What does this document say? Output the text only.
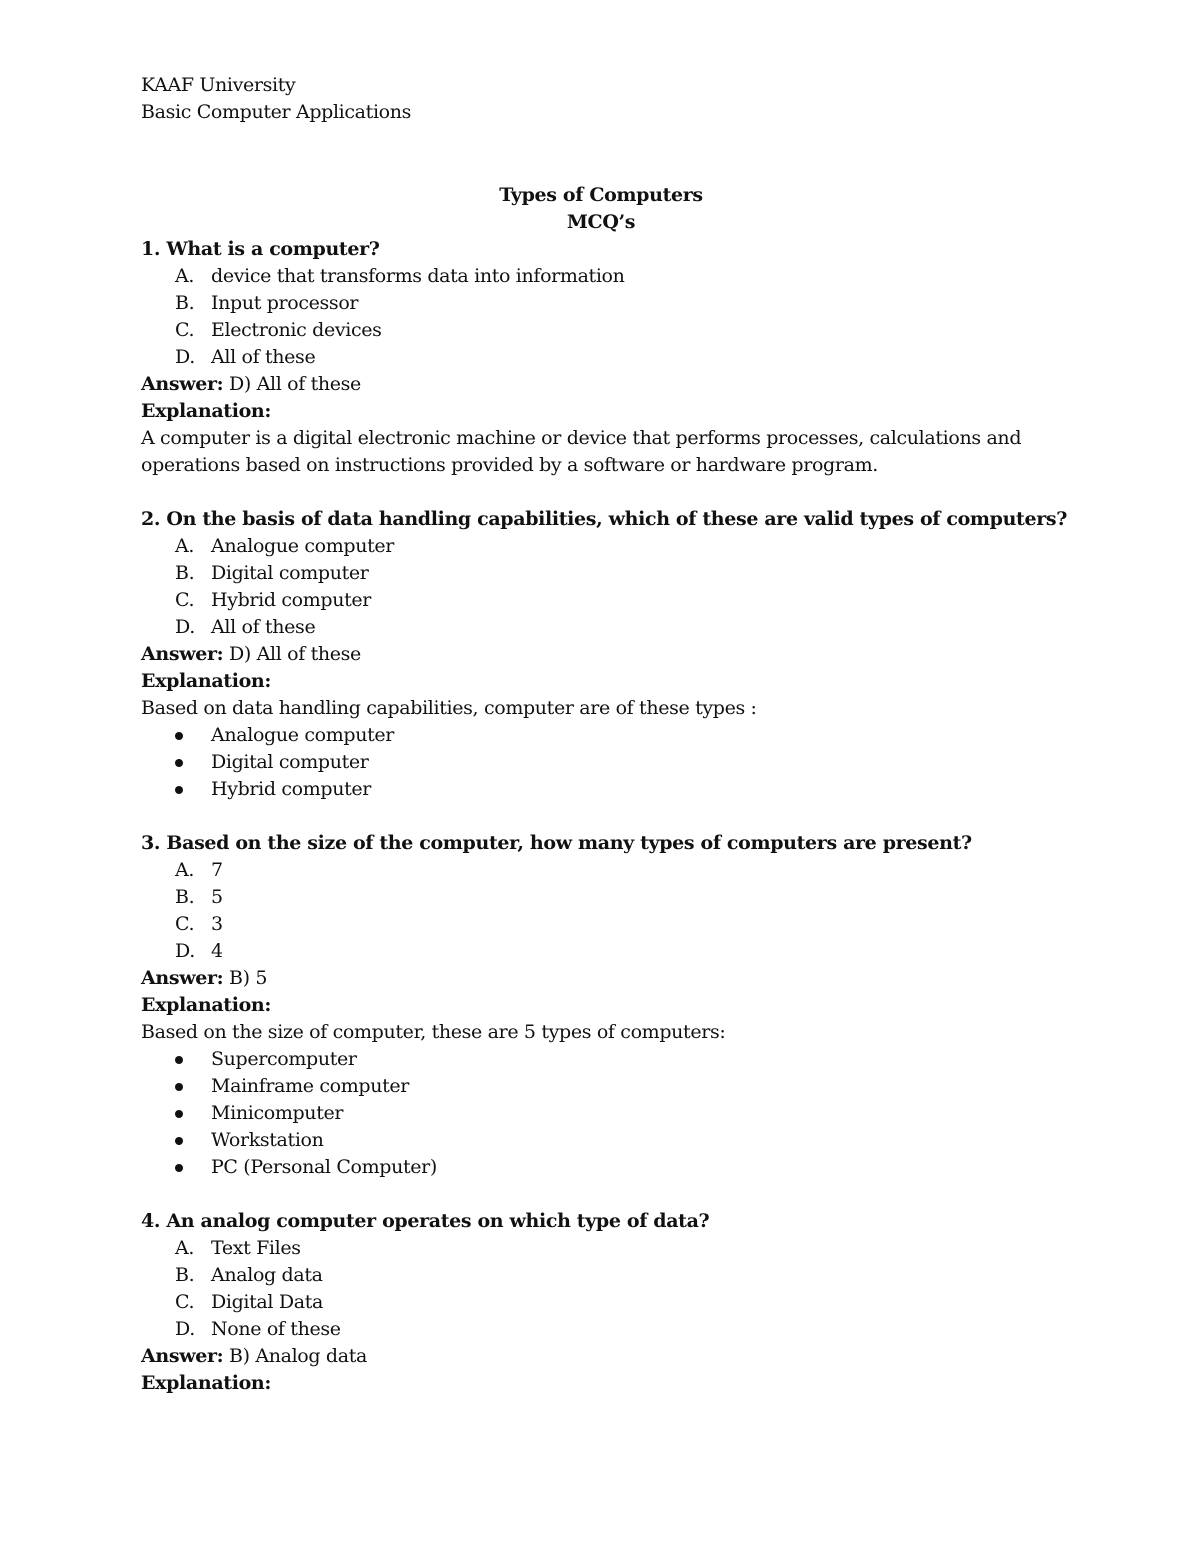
KAAF University
Basic Computer Applications
Types of Computers
MCQ’s
1. What is a computer?
A. device that transforms data into information
B. Input processor
C. Electronic devices
D. All of these
Answer: D) All of these
Explanation:
A computer is a digital electronic machine or device that performs processes, calculations and
operations based on instructions provided by a software or hardware program.
2. On the basis of data handling capabilities, which of these are valid types of computers?
A. Analogue computer
B. Digital computer
C. Hybrid computer
D. All of these
Answer: D) All of these
Explanation:
Based on data handling capabilities, computer are of these types :
Analogue computer
Digital computer
Hybrid computer
3. Based on the size of the computer, how many types of computers are present?
A. 7
B. 5
C. 3
D. 4
Answer: B) 5
Explanation:
Based on the size of computer, these are 5 types of computers:
Supercomputer
Mainframe computer
Minicomputer
Workstation
PC (Personal Computer)
4. An analog computer operates on which type of data?
A. Text Files
B. Analog data
C. Digital Data
D. None of these
Answer: B) Analog data
Explanation:
